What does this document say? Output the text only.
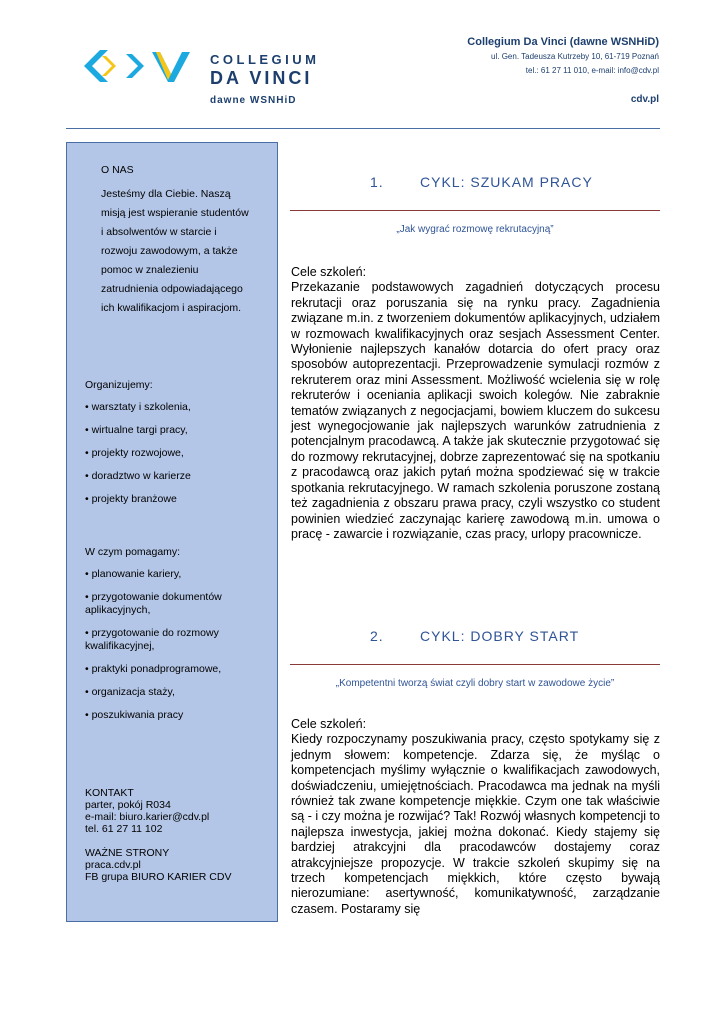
COLLEGIUM
DA VINCI
dawne WSNHiD
Collegium Da Vinci (dawne WSNHiD)
ul. Gen. Tadeusza Kutrzeby 10, 61-719 Poznań
tel.: 61 27 11 010, e-mail: info@cdv.pl
cdv.pl
O NAS
Jesteśmy dla Ciebie. Naszą misją jest wspieranie studentów i absolwentów w starcie i rozwoju zawodowym, a także pomoc w znalezieniu zatrudnienia odpowiadającego ich kwalifikacjom i aspiracjom.
Organizujemy:
• warsztaty i szkolenia,
• wirtualne targi pracy,
• projekty rozwojowe,
• doradztwo w karierze
• projekty branżowe
W czym pomagamy:
• planowanie kariery,
• przygotowanie dokumentów aplikacyjnych,
• przygotowanie do rozmowy kwalifikacyjnej,
• praktyki ponadprogramowe,
• organizacja staży,
• poszukiwania pracy
KONTAKT
parter, pokój R034
e-mail: biuro.karier@cdv.pl
tel. 61 27 11 102
WAŻNE STRONY
praca.cdv.pl
FB grupa BIURO KARIER CDV
1.	CYKL: SZUKAM PRACY
„Jak wygrać rozmowę rekrutacyjną”
Cele szkoleń:
Przekazanie podstawowych zagadnień dotyczących procesu rekrutacji oraz poruszania się na rynku pracy. Zagadnienia związane m.in. z tworzeniem dokumentów aplikacyjnych, udziałem w rozmowach kwalifikacyjnych oraz sesjach Assessment Center. Wyłonienie najlepszych kanałów dotarcia do ofert pracy oraz sposobów autoprezentacji. Przeprowadzenie symulacji rozmów z rekruterem oraz mini Assessment. Możliwość wcielenia się w rolę rekruterów i oceniania aplikacji swoich kolegów. Nie zabraknie tematów związanych z negocjacjami, bowiem kluczem do sukcesu jest wynegocjowanie jak najlepszych warunków zatrudnienia z potencjalnym pracodawcą. A także jak skutecznie przygotować się do rozmowy rekrutacyjnej, dobrze zaprezentować się na spotkaniu z pracodawcą oraz jakich pytań można spodziewać się w trakcie spotkania rekrutacyjnego. W ramach szkolenia poruszone zostaną też zagadnienia z obszaru prawa pracy, czyli wszystko co student powinien wiedzieć zaczynając karierę zawodową m.in. umowa o pracę - zawarcie i rozwiązanie, czas pracy, urlopy pracownicze.
2.	CYKL: DOBRY START
„Kompetentni tworzą świat czyli dobry start w zawodowe życie”
Cele szkoleń:
Kiedy rozpoczynamy poszukiwania pracy, często spotykamy się z jednym słowem: kompetencje. Zdarza się, że myśląc o kompetencjach myślimy wyłącznie o kwalifikacjach zawodowych, doświadczeniu, umiejętnościach. Pracodawca ma jednak na myśli również tak zwane kompetencje miękkie. Czym one tak właściwie są - i czy można je rozwijać? Tak! Rozwój własnych kompetencji to najlepsza inwestycja, jakiej można dokonać. Kiedy stajemy się bardziej atrakcyjni dla pracodawców dostajemy coraz atrakcyjniejsze propozycje. W trakcie szkoleń skupimy się na trzech kompetencjach miękkich, które często bywają nierozumiane: asertywność, komunikatywność, zarządzanie czasem. Postaramy się
